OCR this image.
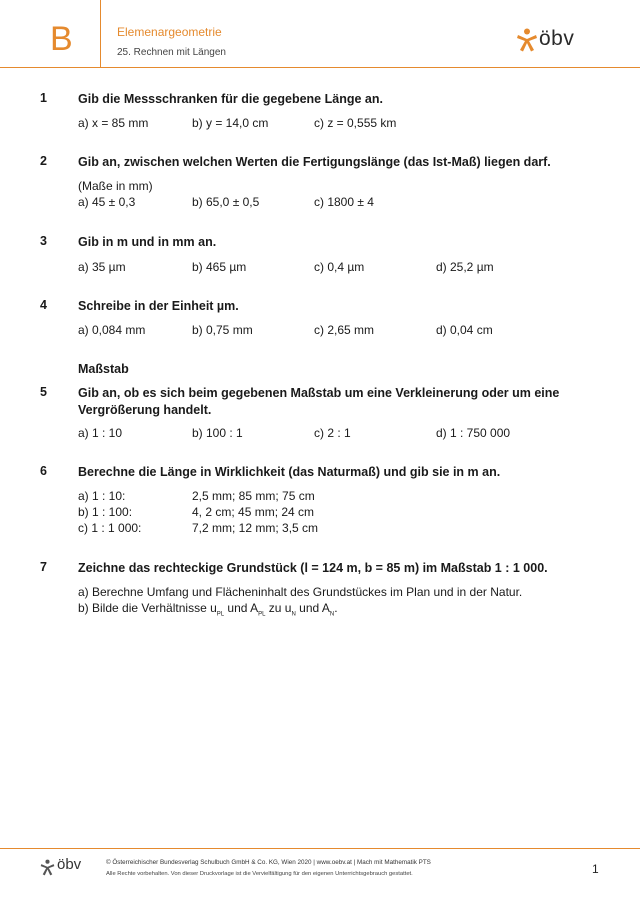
B	Elemenargeometrie
25. Rechnen mit Längen
öbv
1 Gib die Messschranken für die gegebene Länge an.
a) x = 85 mm	b) y = 14,0 cm	c) z = 0,555 km
2 Gib an, zwischen welchen Werten die Fertigungslänge (das Ist-Maß) liegen darf.
(Maße in mm)
a) 45 ± 0,3	b) 65,0 ± 0,5	c) 1800 ± 4
3 Gib in m und in mm an.
a) 35 µm	b) 465 µm	c) 0,4 µm	d) 25,2 µm
4 Schreibe in der Einheit µm.
a) 0,084 mm	b) 0,75 mm	c) 2,65 mm	d) 0,04 cm
Maßstab
5 Gib an, ob es sich beim gegebenen Maßstab um eine Verkleinerung oder um eine Vergrößerung handelt.
a) 1 : 10	b) 100 : 1	c) 2 : 1	d) 1 : 750 000
6 Berechne die Länge in Wirklichkeit (das Naturmaß) und gib sie in m an.
a) 1 : 10:	2,5 mm; 85 mm; 75 cm
b) 1 : 100:	4, 2 cm; 45 mm; 24 cm
c) 1 : 1 000:	7,2 mm; 12 mm; 3,5 cm
7 Zeichne das rechteckige Grundstück (l = 124 m, b = 85 m) im Maßstab 1 : 1 000.
a) Berechne Umfang und Flächeninhalt des Grundstückes im Plan und in der Natur.
b) Bilde die Verhältnisse $u_{PL}$ und $A_{PL}$ zu $u_N$ und $A_N$.
öbv	© Österreichischer Bundesverlag Schulbuch GmbH & Co. KG, Wien 2020 | www.oebv.at | Mach mit Mathematik PTS
Alle Rechte vorbehalten. Von dieser Druckvorlage ist die Vervielfältigung für den eigenen Unterrichtsgebrauch gestattet.	1
